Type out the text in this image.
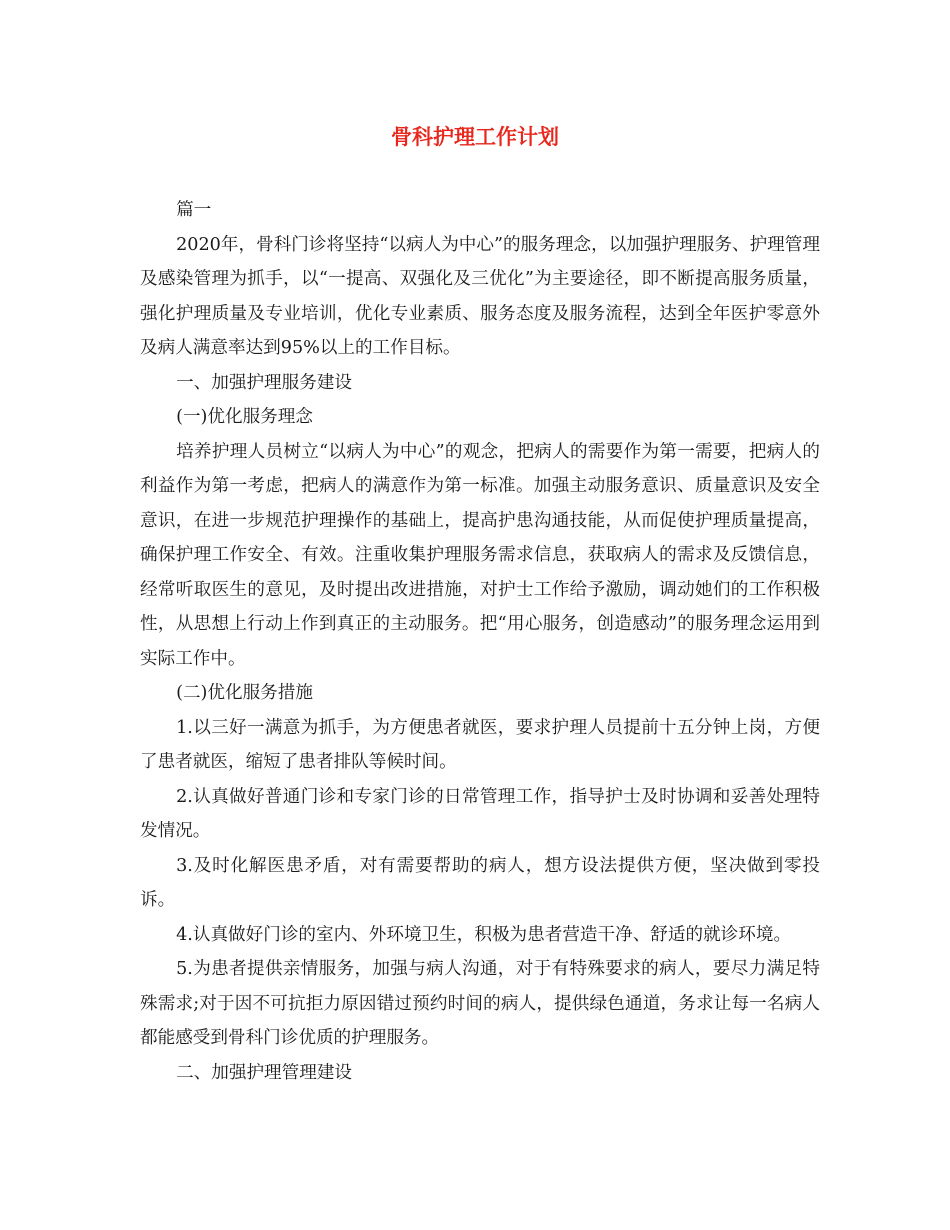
骨科护理工作计划

篇一

2020年，骨科门诊将坚持“以病人为中心”的服务理念，以加强护理服务、护理管理及感染管理为抓手，以“一提高、双强化及三优化”为主要途径，即不断提高服务质量，强化护理质量及专业培训，优化专业素质、服务态度及服务流程，达到全年医护零意外及病人满意率达到95%以上的工作目标。

一、加强护理服务建设

(一)优化服务理念

培养护理人员树立“以病人为中心”的观念，把病人的需要作为第一需要，把病人的利益作为第一考虑，把病人的满意作为第一标准。加强主动服务意识、质量意识及安全意识，在进一步规范护理操作的基础上，提高护患沟通技能，从而促使护理质量提高，确保护理工作安全、有效。注重收集护理服务需求信息，获取病人的需求及反馈信息，经常听取医生的意见，及时提出改进措施，对护士工作给予激励，调动她们的工作积极性，从思想上行动上作到真正的主动服务。把“用心服务，创造感动”的服务理念运用到实际工作中。

(二)优化服务措施

1.以三好一满意为抓手，为方便患者就医，要求护理人员提前十五分钟上岗，方便了患者就医，缩短了患者排队等候时间。

2.认真做好普通门诊和专家门诊的日常管理工作，指导护士及时协调和妥善处理特发情况。

3.及时化解医患矛盾，对有需要帮助的病人，想方设法提供方便，坚决做到零投诉。

4.认真做好门诊的室内、外环境卫生，积极为患者营造干净、舒适的就诊环境。

5.为患者提供亲情服务，加强与病人沟通，对于有特殊要求的病人，要尽力满足特殊需求;对于因不可抗拒力原因错过预约时间的病人，提供绿色通道，务求让每一名病人都能感受到骨科门诊优质的护理服务。

二、加强护理管理建设
